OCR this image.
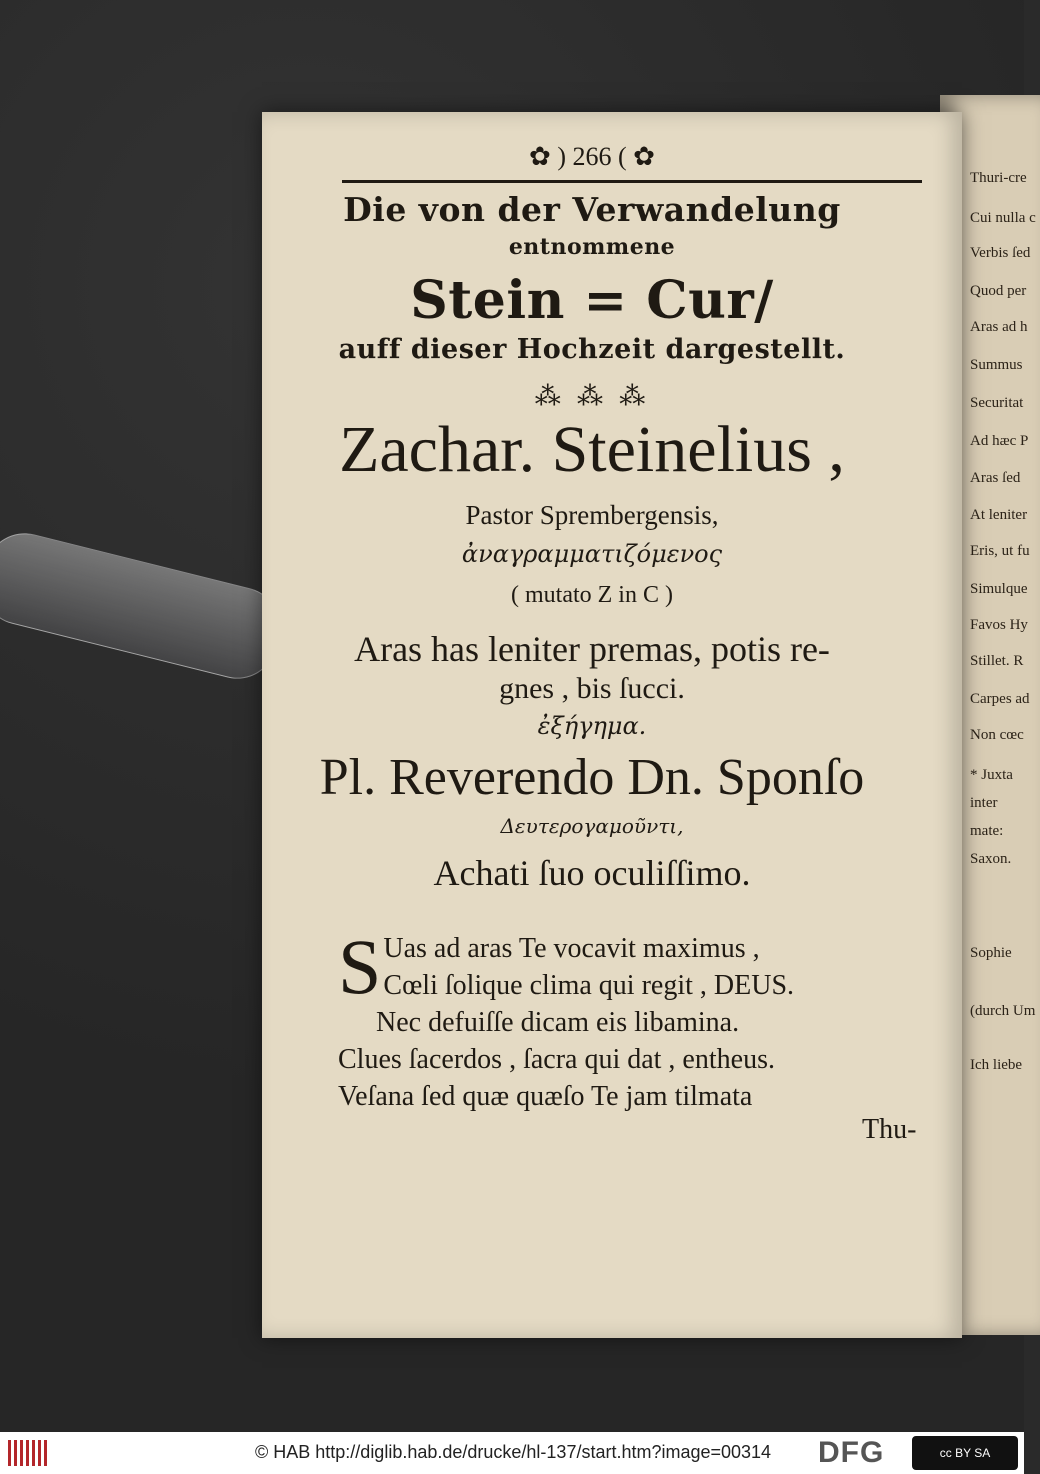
Thuri-cre
Cui nulla c
Verbis ſed
Quod per
Aras ad h
Summus
Securitat
Ad hæc P
Aras ſed
At leniter
Eris, ut fu
Simulque
Favos Hy
Stillet. R
Carpes ad
Non cœc
* Juxta
inter
mate:
Saxon.
Sophie
(durch Um
Ich liebe
✿ ) 266 ( ✿
Die von der Verwandelung
entnommene
Stein = Cur/
auff dieser Hochzeit dargestellt.
⁂ ⁂ ⁂
Zachar. Steinelius ,
Pastor Sprembergensis,
ἀναγραμματιζόμενος
( mutato Z in C )
Aras has leniter premas, potis re-
gnes , bis ſucci.
ἐξήγημα.
Pl. Reverendo Dn. Sponſo
Δευτερογαμοῦντι,
Achati ſuo oculiſſimo.
S Uas ad aras Te vocavit maximus ,
Cœli ſolique clima qui regit , DEUS.
Nec defuiſſe dicam eis libamina.
Clues ſacerdos , ſacra qui dat , entheus.
Veſana ſed quæ quæſo Te jam tilmata
Thu-
© HAB http://diglib.hab.de/drucke/hl-137/start.htm?image=00314 DFG	cc BY SA
